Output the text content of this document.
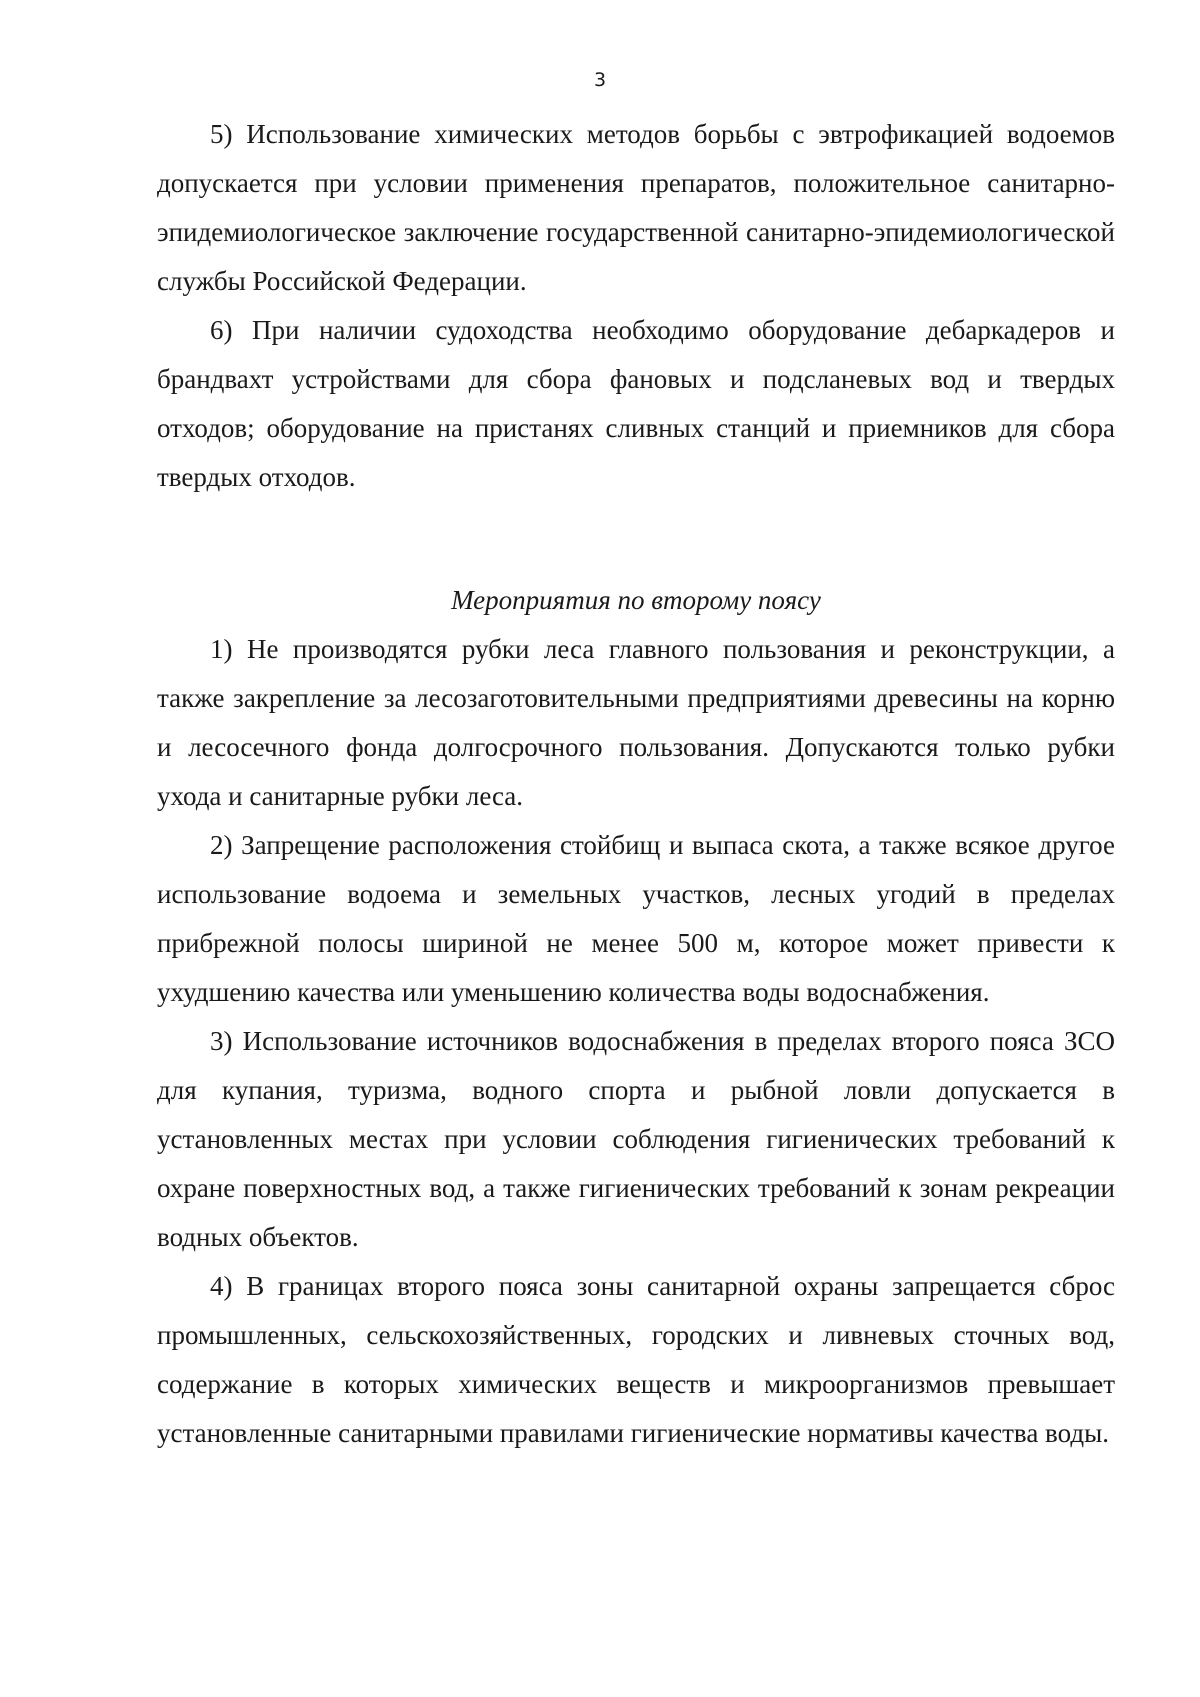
3

5) Использование химических методов борьбы с эвтрофикацией водоемов допускается при условии применения препаратов, положительное санитарно-эпидемиологическое заключение государственной санитарно-эпидемиологической службы Российской Федерации.

6) При наличии судоходства необходимо оборудование дебаркадеров и брандвахт устройствами для сбора фановых и подсланевых вод и твердых отходов; оборудование на пристанях сливных станций и приемников для сбора твердых отходов.

Мероприятия по второму поясу

1) Не производятся рубки леса главного пользования и реконструкции, а также закрепление за лесозаготовительными предприятиями древесины на корню и лесосечного фонда долгосрочного пользования. Допускаются только рубки ухода и санитарные рубки леса.

2) Запрещение расположения стойбищ и выпаса скота, а также всякое другое использование водоема и земельных участков, лесных угодий в пределах прибрежной полосы шириной не менее 500 м, которое может привести к ухудшению качества или уменьшению количества воды водоснабжения.

3) Использование источников водоснабжения в пределах второго пояса ЗСО для купания, туризма, водного спорта и рыбной ловли допускается в установленных местах при условии соблюдения гигиенических требований к охране поверхностных вод, а также гигиенических требований к зонам рекреации водных объектов.

4) В границах второго пояса зоны санитарной охраны запрещается сброс промышленных, сельскохозяйственных, городских и ливневых сточных вод, содержание в которых химических веществ и микроорганизмов превышает установленные санитарными правилами гигиенические нормативы качества воды.
